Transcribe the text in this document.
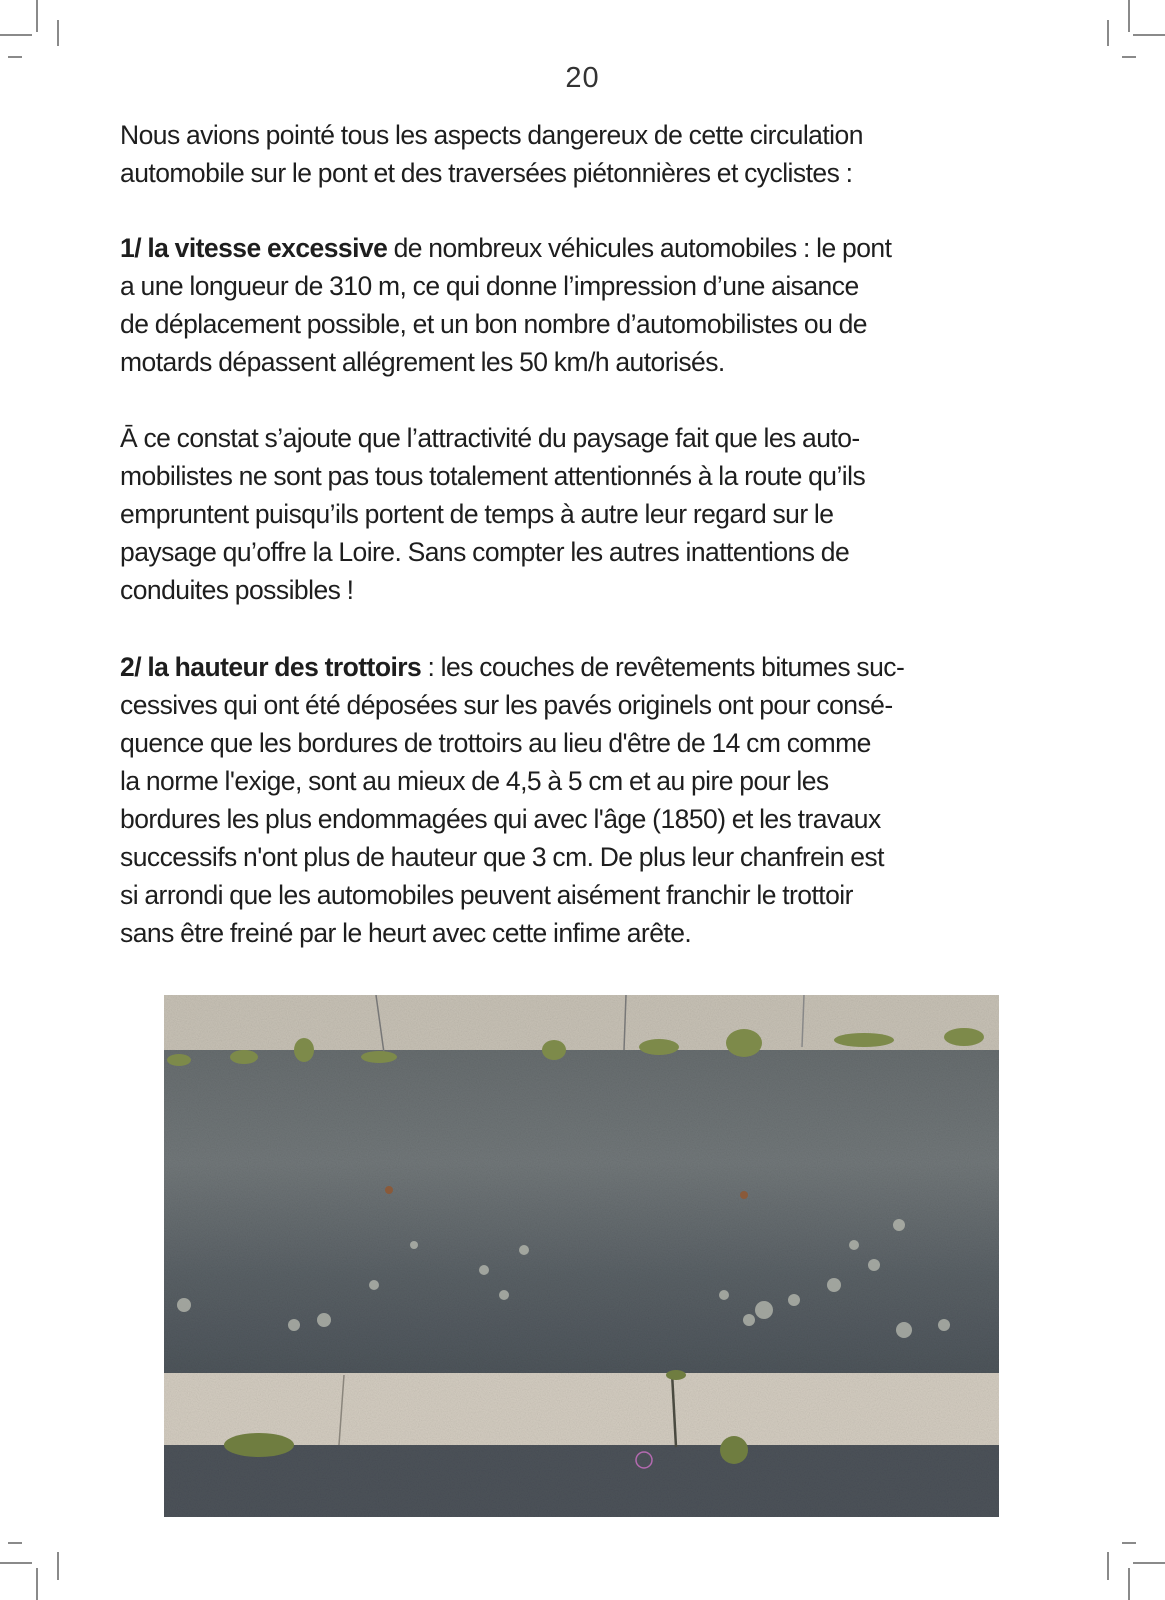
20

Nous avions pointé tous les aspects dangereux de cette circulation

automobile sur le pont et des traversées piétonnières et cyclistes :

1/ la vitesse excessive de nombreux véhicules automobiles : le pont

a une longueur de 310 m, ce qui donne l’impression d’une aisance

de déplacement possible, et un bon nombre d’automobilistes ou de

motards dépassent allégrement les 50 km/h autorisés.

Ā ce constat s’ajoute que l’attractivité du paysage fait que les auto-

mobilistes ne sont pas tous totalement attentionnés à la route qu’ils

empruntent puisqu’ils portent de temps à autre leur regard sur le

paysage qu’offre la Loire. Sans compter les autres inattentions de

conduites possibles !

2/ la hauteur des trottoirs : les couches de revêtements bitumes suc-

cessives qui ont été déposées sur les pavés originels ont pour consé-

quence que les bordures de trottoirs au lieu d'être de 14 cm comme

la norme l'exige, sont au mieux de 4,5 à 5 cm et au pire pour les

bordures les plus endommagées qui avec l'âge (1850) et les travaux

successifs n'ont plus de hauteur que 3 cm. De plus leur chanfrein est

si arrondi que les automobiles peuvent aisément franchir le trottoir

sans être freiné par le heurt avec cette infime arête.
